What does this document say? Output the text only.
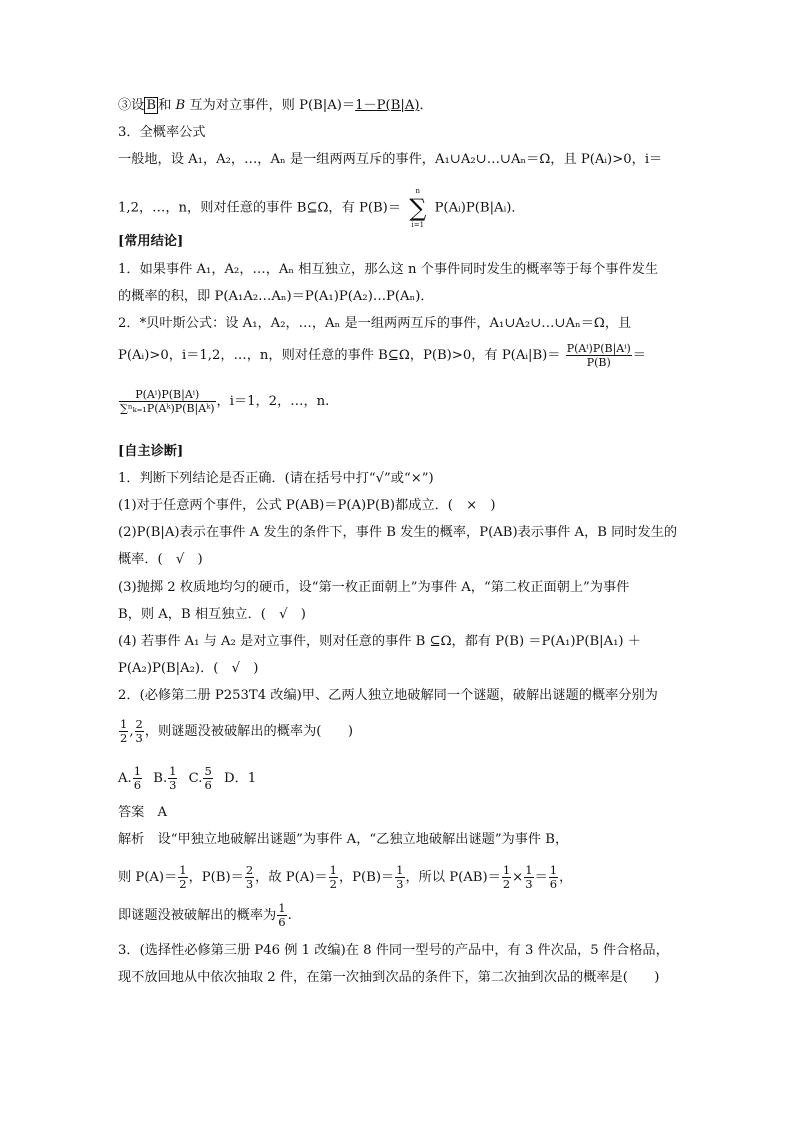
③设 B 和 B 互为对立事件，则 P(B|A)＝1－P(B|A)．
3．全概率公式
一般地，设 A₁，A₂，…，Aₙ 是一组两两互斥的事件，A₁∪A₂∪…∪Aₙ＝Ω，且 P(Aᵢ)>0，i＝
1,2，…，n，则对任意的事件 B⊆Ω，有 P(B)＝
n
∑
i=1
P(Aᵢ)P(B|Aᵢ)．
[常用结论]
1．如果事件 A₁，A₂，…，Aₙ 相互独立，那么这 n 个事件同时发生的概率等于每个事件发生
的概率的积，即 P(A₁A₂…Aₙ)＝P(A₁)P(A₂)…P(Aₙ)．
2．*贝叶斯公式：设 A₁，A₂，…，Aₙ 是一组两两互斥的事件，A₁∪A₂∪…∪Aₙ＝Ω，且
P(Aᵢ)>0，i＝1,2，…，n，则对任意的事件 B⊆Ω，P(B)>0，有 P(Aᵢ|B)＝ $\frac{\text{P(Aⁱ)P(B|Aⁱ)}}{P(B)}$ ＝
$\frac{\text{P(Aⁱ)P(B|Aⁱ)}}{\text{∑ⁿₖ₌₁P(Aᵏ)P(B|Aᵏ)}}$ ，i＝1，2，…，n.
[自主诊断]
1．判断下列结论是否正确．(请在括号中打“√”或“×”)
(1)对于任意两个事件，公式 P(AB)＝P(A)P(B)都成立．(　×　)
(2)P(B|A)表示在事件 A 发生的条件下，事件 B 发生的概率，P(AB)表示事件 A，B 同时发生的
概率．(　√　)
(3)抛掷 2 枚质地均匀的硬币，设“第一枚正面朝上”为事件 A，“第二枚正面朝上”为事件
B，则 A，B 相互独立．(　√　)
(4) 若事件 A₁ 与 A₂ 是对立事件，则对任意的事件 B ⊆Ω，都有 P(B) ＝P(A₁)P(B|A₁) ＋
P(A₂)P(B|A₂)．(　√　)
2．(必修第二册 P253T4 改编)甲、乙两人独立地破解同一个谜题，破解出谜题的概率分别为
$\frac{1}{2}$ , $\frac{2}{3}$ ，则谜题没被破解出的概率为(　　)
A. $\frac{1}{6} B$. $\frac{1}{3} C$. $\frac{5}{6}$ D．1
答案　A
解析　设“甲独立地破解出谜题”为事件 A，“乙独立地破解出谜题”为事件 B，
则 $P(A)= \frac{1}{2}$ ，$P(B)= \frac{2}{3}$ ，故 $P(A)= \frac{1}{2}$ ，$P(B)= \frac{1}{3}$ ，所以 $P(AB)= \frac{1}{2} \times \frac{1}{3} = \frac{1}{6}$ ，
即谜题没被破解出的概率为 $\frac{1}{6}$ .
3．(选择性必修第三册 P46 例 1 改编)在 8 件同一型号的产品中，有 3 件次品，5 件合格品，
现不放回地从中依次抽取 2 件，在第一次抽到次品的条件下，第二次抽到次品的概率是(　　)
